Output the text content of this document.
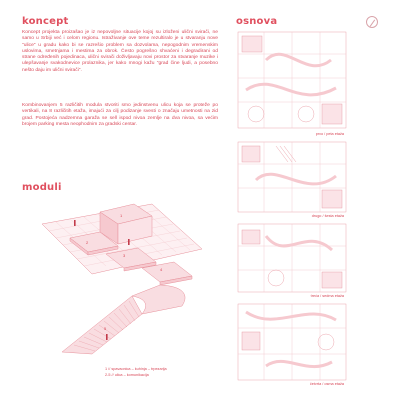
koncept
Koncept projekta proizašao je iz nepovoljne situacije kojoj su izloženi ulični svirači, ne samo u Srbiji već i celom regionu. Istraživanje ove teme rezultiralo je u stvaranju nove "ulice" u gradu kako bi se razrešio problem sa dozvolama, nepogodnim vremenskim uslovima, smetnjama i mestima za obrok. Često pogrešno shvaćeni i degradirani od strane određenih pojedinaca, ulični svirači doživljavaju novi prostor za stvaranje muzike i ulepšavanje svakodnevice prolaznika, jer kako mnogi kažu "grad čine ljudi, a posebno nešto daju im ulični svirači".
Kombinovanjem 5 različitih modula stvoriti smo jedinstvenu ulicu koja se proteže po vertikali, na 8 različitih etaža, imajući za cilj podizanje svesti o značaju umetnosti na zid grad. Postojeća nadzemna garaža se sell ispod nivoa zemlje na dva nivoa, sa većim brojem parking mesta neophodnim za gradski centar.
osnova
moduli
1
2
3
4
5
1 // spavaonica – kuhinja – trpezarija
2-5 // ulica – komunikacija
prvo / peta etaža
drugo / šesta etaža
treća / sedma etaža
četvrta / osma etaža
